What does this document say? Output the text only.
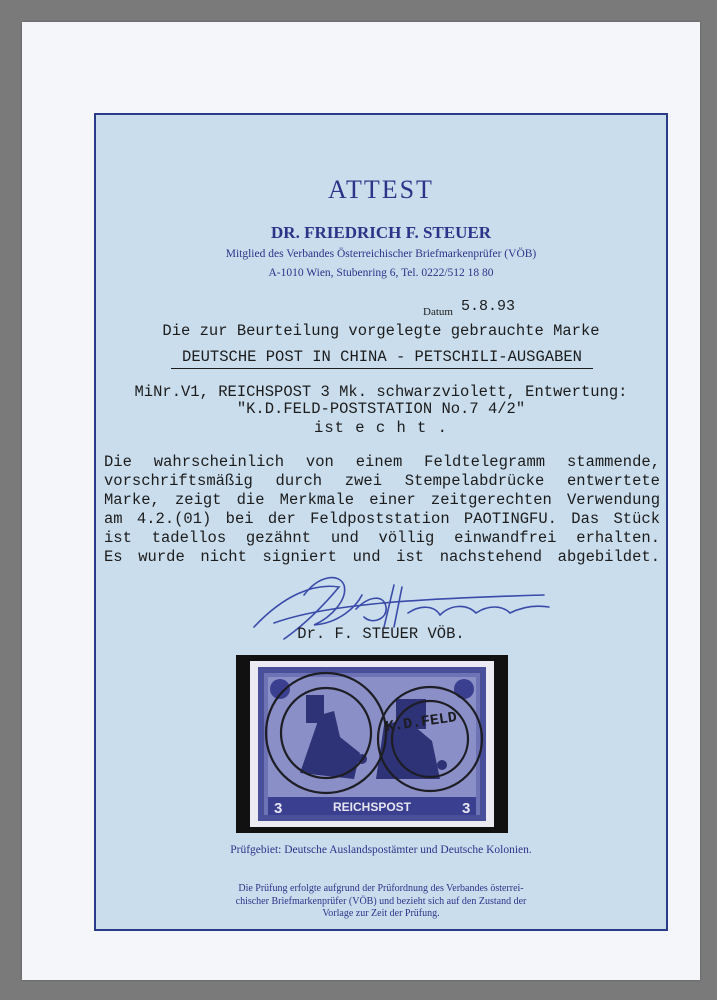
ATTEST
DR. FRIEDRICH F. STEUER
Mitglied des Verbandes Österreichischer Briefmarkenprüfer (VÖB)
A-1010 Wien, Stubenring 6, Tel. 0222/512 18 80
Datum 5.8.93
Die zur Beurteilung vorgelegte gebrauchte Marke
DEUTSCHE POST IN CHINA - PETSCHILI-AUSGABEN
MiNr.V1, REICHSPOST 3 Mk. schwarzviolett, Entwertung:
"K.D.FELD-POSTSTATION No.7 4/2"
ist e c h t .
Die wahrscheinlich von einem Feldtelegramm stammende,
vorschriftsmäßig durch zwei Stempelabdrücke entwertete
Marke, zeigt die Merkmale einer zeitgerechten Verwendung
am 4.2.(01) bei der Feldpoststation PAOTINGFU. Das Stück
ist tadellos gezähnt und völlig einwandfrei erhalten.
Es wurde nicht signiert und ist nachstehend abgebildet.
Dr. F. STEUER VÖB.
REICHSPOST
3	3
K.D.FELD
Prüfgebiet: Deutsche Auslandspostämter und Deutsche Kolonien.
Die Prüfung erfolgte aufgrund der Prüfordnung des Verbandes österrei-
chischer Briefmarkenprüfer (VÖB) und bezieht sich auf den Zustand der
Vorlage zur Zeit der Prüfung.
